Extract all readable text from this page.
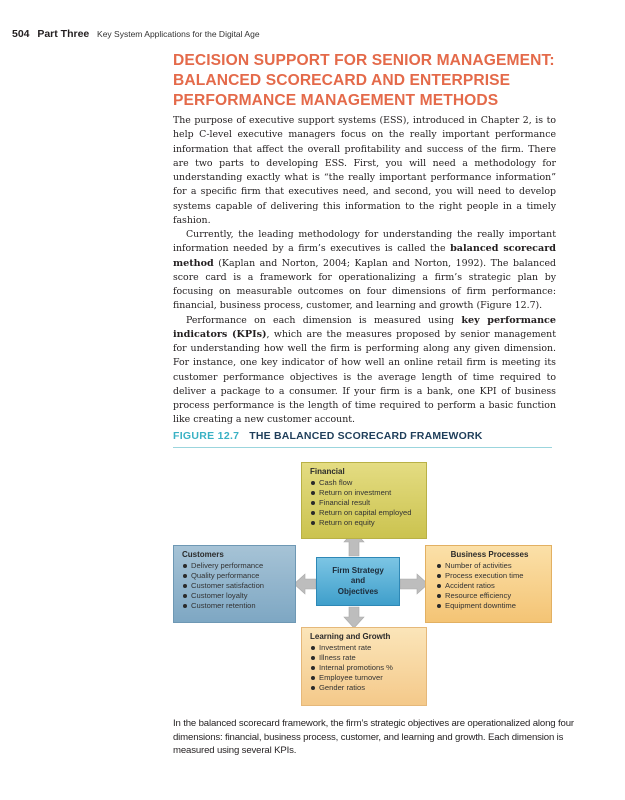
504 Part Three Key System Applications for the Digital Age
DECISION SUPPORT FOR SENIOR MANAGEMENT:
BALANCED SCORECARD AND ENTERPRISE
PERFORMANCE MANAGEMENT METHODS

The purpose of executive support systems (ESS), introduced in Chapter 2, is to help C-level executive managers focus on the really important performance information that affect the overall profitability and success of the firm. There are two parts to developing ESS. First, you will need a methodology for understanding exactly what is “the really important performance information” for a specific firm that executives need, and second, you will need to develop systems capable of delivering this information to the right people in a timely fashion.

Currently, the leading methodology for understanding the really important information needed by a firm’s executives is called the balanced scorecard method (Kaplan and Norton, 2004; Kaplan and Norton, 1992). The balanced score card is a framework for operationalizing a firm’s strategic plan by focusing on measurable outcomes on four dimensions of firm performance: financial, business process, customer, and learning and growth (Figure 12.7).

Performance on each dimension is measured using key performance indicators (KPIs), which are the measures proposed by senior management for understanding how well the firm is performing along any given dimension. For instance, one key indicator of how well an online retail firm is meeting its customer performance objectives is the average length of time required to deliver a package to a consumer. If your firm is a bank, one KPI of business process performance is the length of time required to perform a basic function like creating a new customer account.

FIGURE 12.7 THE BALANCED SCORECARD FRAMEWORK
Financial
Cash flow
Return on investment
Financial result
Return on capital employed
Return on equity
Customers
Delivery performance
Quality performance
Customer satisfaction
Customer loyalty
Customer retention
Firm Strategy
and
Objectives
Business Processes
Number of activities
Process execution time
Accident ratios
Resource efficiency
Equipment downtime
Learning and Growth
Investment rate
Illness rate
Internal promotions %
Employee turnover
Gender ratios
In the balanced scorecard framework, the firm’s strategic objectives are operationalized along four
dimensions: financial, business process, customer, and learning and growth. Each dimension is
measured using several KPIs.
